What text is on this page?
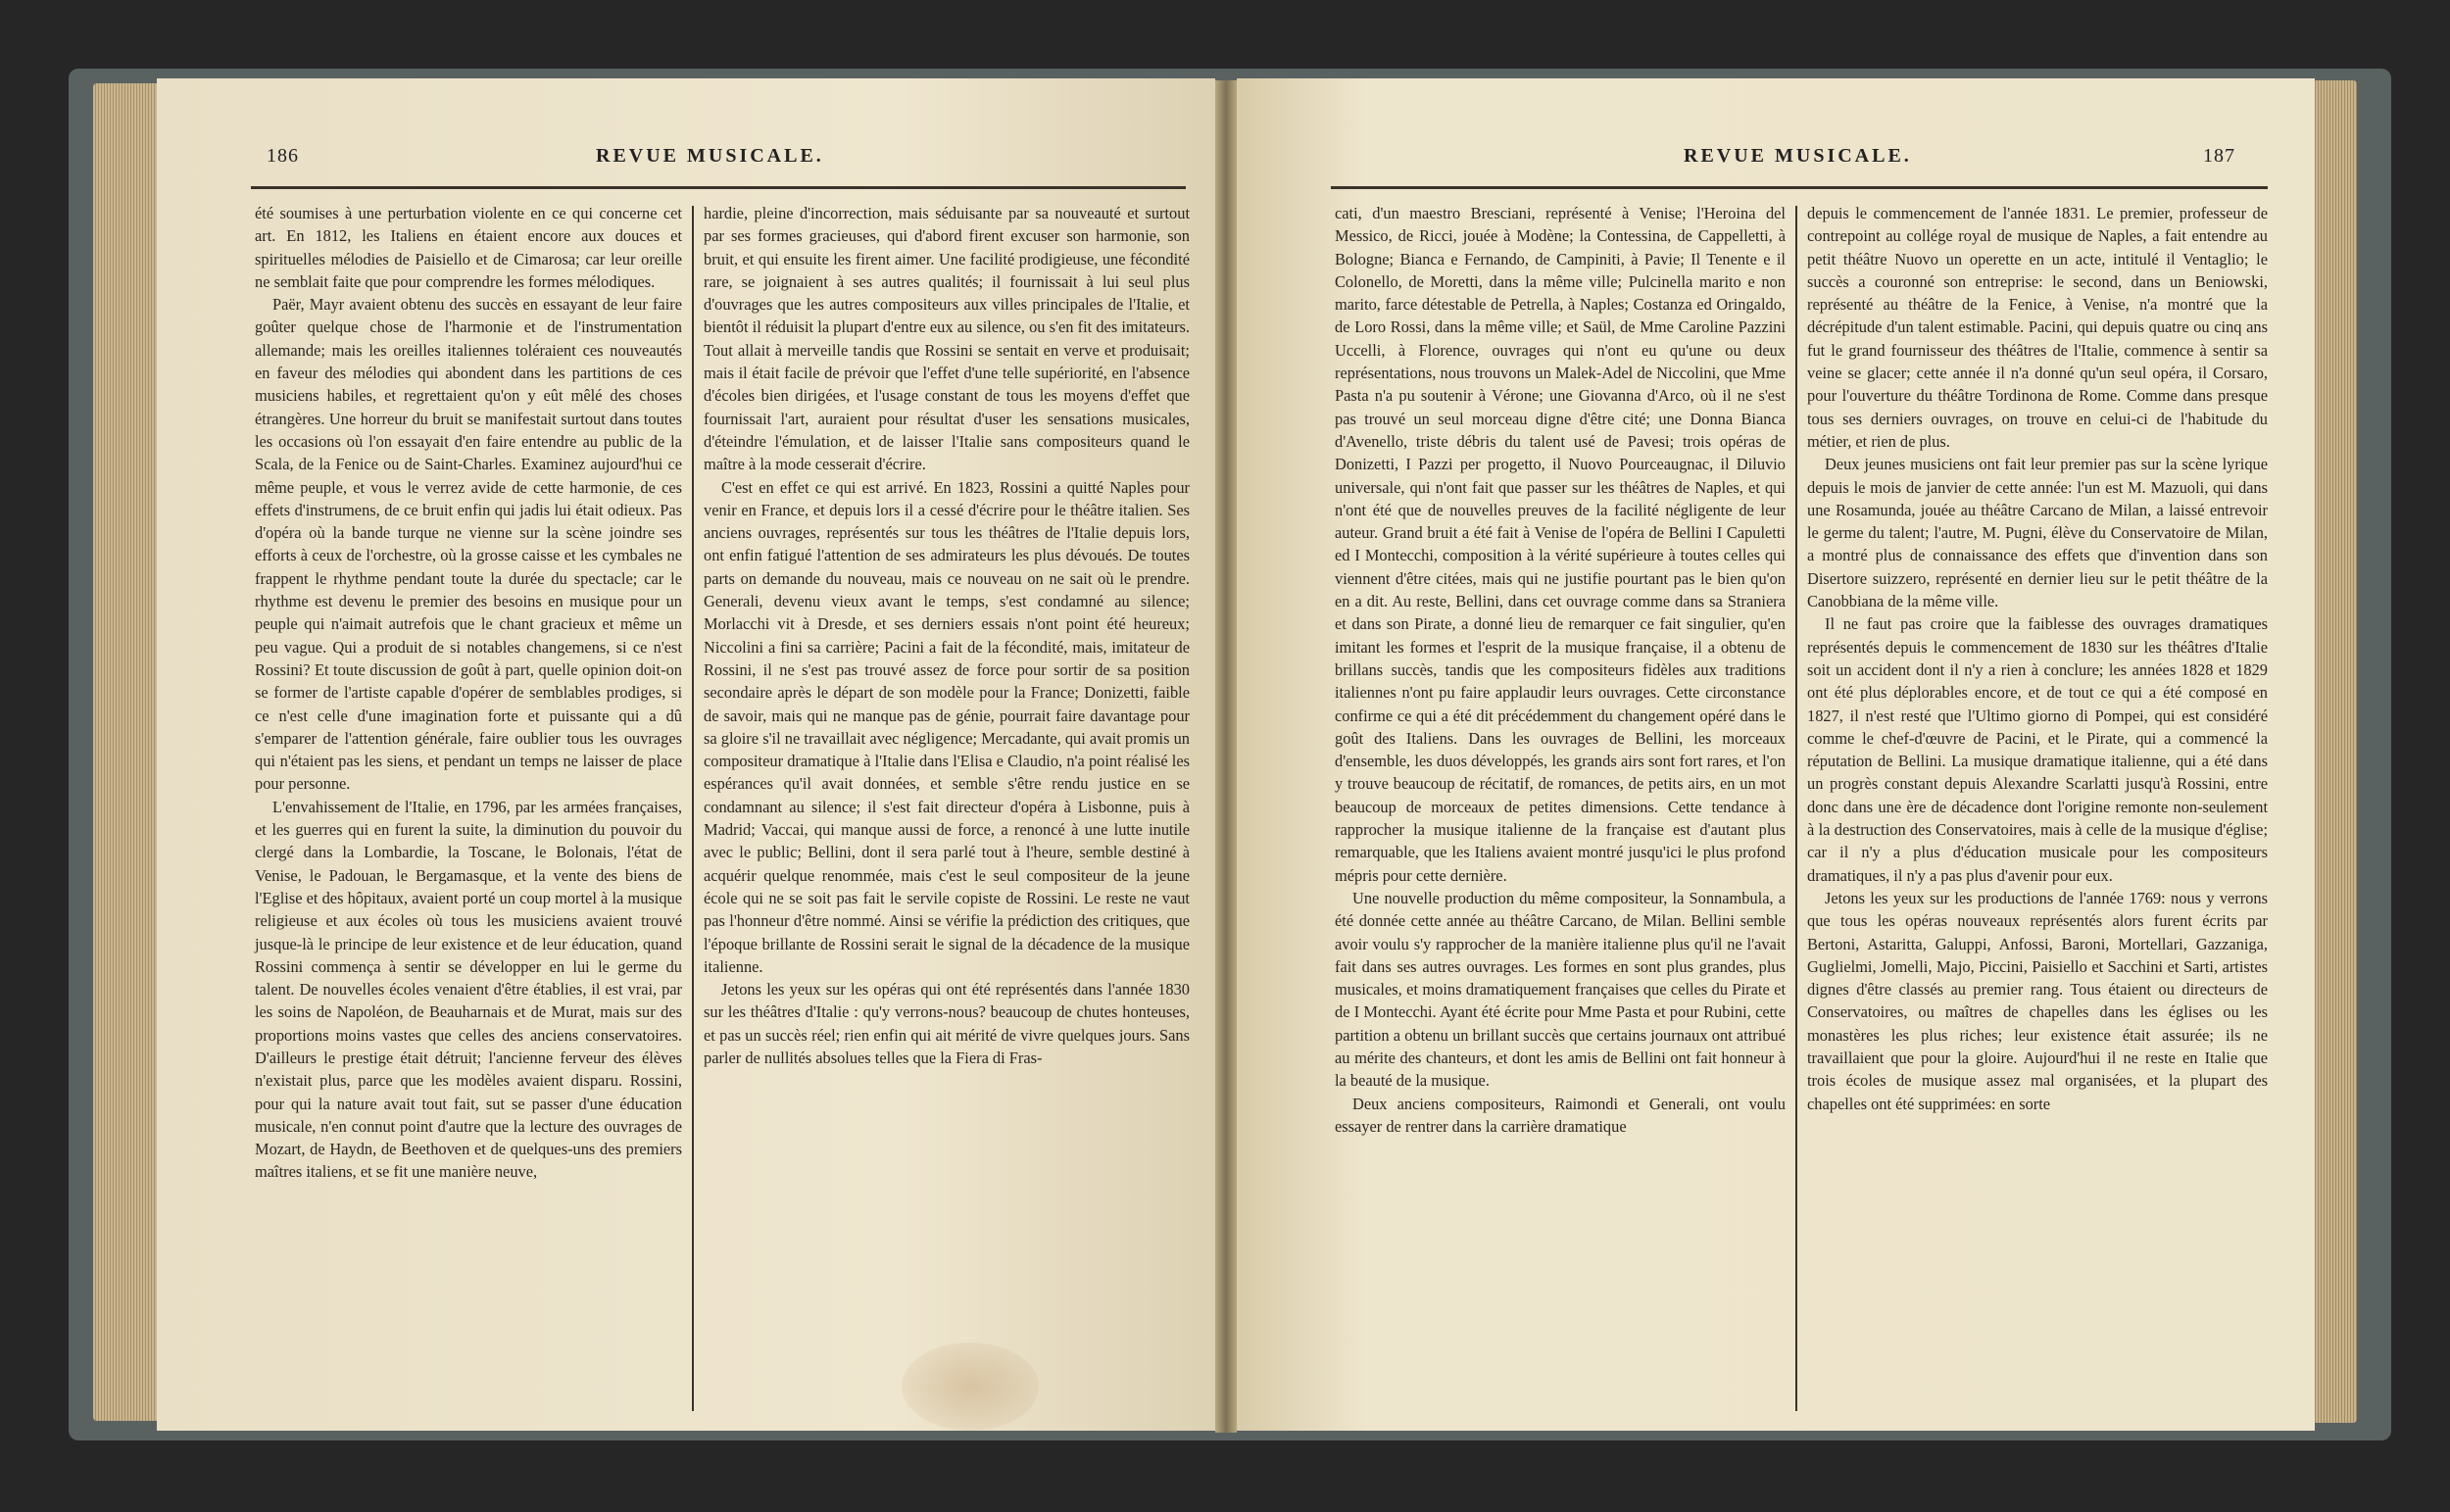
186	REVUE MUSICALE.

été soumises à une perturbation violente en ce qui concerne cet art. En 1812, les Italiens en étaient encore aux douces et spirituelles mélodies de Paisiello et de Cimarosa; car leur oreille ne semblait faite que pour comprendre les formes mélodiques.

Paër, Mayr avaient obtenu des succès en essayant de leur faire goûter quelque chose de l'harmonie et de l'instrumentation allemande; mais les oreilles italiennes toléraient ces nouveautés en faveur des mélodies qui abondent dans les partitions de ces musiciens habiles, et regrettaient qu'on y eût mêlé des choses étrangères. Une horreur du bruit se manifestait surtout dans toutes les occasions où l'on essayait d'en faire entendre au public de la Scala, de la Fenice ou de Saint-Charles. Examinez aujourd'hui ce même peuple, et vous le verrez avide de cette harmonie, de ces effets d'instrumens, de ce bruit enfin qui jadis lui était odieux. Pas d'opéra où la bande turque ne vienne sur la scène joindre ses efforts à ceux de l'orchestre, où la grosse caisse et les cymbales ne frappent le rhythme pendant toute la durée du spectacle; car le rhythme est devenu le premier des besoins en musique pour un peuple qui n'aimait autrefois que le chant gracieux et même un peu vague. Qui a produit de si notables changemens, si ce n'est Rossini? Et toute discussion de goût à part, quelle opinion doit-on se former de l'artiste capable d'opérer de semblables prodiges, si ce n'est celle d'une imagination forte et puissante qui a dû s'emparer de l'attention générale, faire oublier tous les ouvrages qui n'étaient pas les siens, et pendant un temps ne laisser de place pour personne.

L'envahissement de l'Italie, en 1796, par les armées françaises, et les guerres qui en furent la suite, la diminution du pouvoir du clergé dans la Lombardie, la Toscane, le Bolonais, l'état de Venise, le Padouan, le Bergamasque, et la vente des biens de l'Eglise et des hôpitaux, avaient porté un coup mortel à la musique religieuse et aux écoles où tous les musiciens avaient trouvé jusque-là le principe de leur existence et de leur éducation, quand Rossini commença à sentir se développer en lui le germe du talent. De nouvelles écoles venaient d'être établies, il est vrai, par les soins de Napoléon, de Beauharnais et de Murat, mais sur des proportions moins vastes que celles des anciens conservatoires. D'ailleurs le prestige était détruit; l'ancienne ferveur des élèves n'existait plus, parce que les modèles avaient disparu. Rossini, pour qui la nature avait tout fait, sut se passer d'une éducation musicale, n'en connut point d'autre que la lecture des ouvrages de Mozart, de Haydn, de Beethoven et de quelques-uns des premiers maîtres italiens, et se fit une manière neuve,

hardie, pleine d'incorrection, mais séduisante par sa nouveauté et surtout par ses formes gracieuses, qui d'abord firent excuser son harmonie, son bruit, et qui ensuite les firent aimer. Une facilité prodigieuse, une fécondité rare, se joignaient à ses autres qualités; il fournissait à lui seul plus d'ouvrages que les autres compositeurs aux villes principales de l'Italie, et bientôt il réduisit la plupart d'entre eux au silence, ou s'en fit des imitateurs. Tout allait à merveille tandis que Rossini se sentait en verve et produisait; mais il était facile de prévoir que l'effet d'une telle supériorité, en l'absence d'écoles bien dirigées, et l'usage constant de tous les moyens d'effet que fournissait l'art, auraient pour résultat d'user les sensations musicales, d'éteindre l'émulation, et de laisser l'Italie sans compositeurs quand le maître à la mode cesserait d'écrire.

C'est en effet ce qui est arrivé. En 1823, Rossini a quitté Naples pour venir en France, et depuis lors il a cessé d'écrire pour le théâtre italien. Ses anciens ouvrages, représentés sur tous les théâtres de l'Italie depuis lors, ont enfin fatigué l'attention de ses admirateurs les plus dévoués. De toutes parts on demande du nouveau, mais ce nouveau on ne sait où le prendre. Generali, devenu vieux avant le temps, s'est condamné au silence; Morlacchi vit à Dresde, et ses derniers essais n'ont point été heureux; Niccolini a fini sa carrière; Pacini a fait de la fécondité, mais, imitateur de Rossini, il ne s'est pas trouvé assez de force pour sortir de sa position secondaire après le départ de son modèle pour la France; Donizetti, faible de savoir, mais qui ne manque pas de génie, pourrait faire davantage pour sa gloire s'il ne travaillait avec négligence; Mercadante, qui avait promis un compositeur dramatique à l'Italie dans l'Elisa e Claudio, n'a point réalisé les espérances qu'il avait données, et semble s'être rendu justice en se condamnant au silence; il s'est fait directeur d'opéra à Lisbonne, puis à Madrid; Vaccai, qui manque aussi de force, a renoncé à une lutte inutile avec le public; Bellini, dont il sera parlé tout à l'heure, semble destiné à acquérir quelque renommée, mais c'est le seul compositeur de la jeune école qui ne se soit pas fait le servile copiste de Rossini. Le reste ne vaut pas l'honneur d'être nommé. Ainsi se vérifie la prédiction des critiques, que l'époque brillante de Rossini serait le signal de la décadence de la musique italienne.

Jetons les yeux sur les opéras qui ont été représentés dans l'année 1830 sur les théâtres d'Italie : qu'y verrons-nous? beaucoup de chutes honteuses, et pas un succès réel; rien enfin qui ait mérité de vivre quelques jours. Sans parler de nullités absolues telles que la Fiera di Fras-

REVUE MUSICALE.	187

cati, d'un maestro Bresciani, représenté à Venise; l'Heroina del Messico, de Ricci, jouée à Modène; la Contessina, de Cappelletti, à Bologne; Bianca e Fernando, de Campiniti, à Pavie; Il Tenente e il Colonello, de Moretti, dans la même ville; Pulcinella marito e non marito, farce détestable de Petrella, à Naples; Costanza ed Oringaldo, de Loro Rossi, dans la même ville; et Saül, de Mme Caroline Pazzini Uccelli, à Florence, ouvrages qui n'ont eu qu'une ou deux représentations, nous trouvons un Malek-Adel de Niccolini, que Mme Pasta n'a pu soutenir à Vérone; une Giovanna d'Arco, où il ne s'est pas trouvé un seul morceau digne d'être cité; une Donna Bianca d'Avenello, triste débris du talent usé de Pavesi; trois opéras de Donizetti, I Pazzi per progetto, il Nuovo Pourceaugnac, il Diluvio universale, qui n'ont fait que passer sur les théâtres de Naples, et qui n'ont été que de nouvelles preuves de la facilité négligente de leur auteur. Grand bruit a été fait à Venise de l'opéra de Bellini I Capuletti ed I Montecchi, composition à la vérité supérieure à toutes celles qui viennent d'être citées, mais qui ne justifie pourtant pas le bien qu'on en a dit. Au reste, Bellini, dans cet ouvrage comme dans sa Straniera et dans son Pirate, a donné lieu de remarquer ce fait singulier, qu'en imitant les formes et l'esprit de la musique française, il a obtenu de brillans succès, tandis que les compositeurs fidèles aux traditions italiennes n'ont pu faire applaudir leurs ouvrages. Cette circonstance confirme ce qui a été dit précédemment du changement opéré dans le goût des Italiens. Dans les ouvrages de Bellini, les morceaux d'ensemble, les duos développés, les grands airs sont fort rares, et l'on y trouve beaucoup de récitatif, de romances, de petits airs, en un mot beaucoup de morceaux de petites dimensions. Cette tendance à rapprocher la musique italienne de la française est d'autant plus remarquable, que les Italiens avaient montré jusqu'ici le plus profond mépris pour cette dernière.

Une nouvelle production du même compositeur, la Sonnambula, a été donnée cette année au théâtre Carcano, de Milan. Bellini semble avoir voulu s'y rapprocher de la manière italienne plus qu'il ne l'avait fait dans ses autres ouvrages. Les formes en sont plus grandes, plus musicales, et moins dramatiquement françaises que celles du Pirate et de I Montecchi. Ayant été écrite pour Mme Pasta et pour Rubini, cette partition a obtenu un brillant succès que certains journaux ont attribué au mérite des chanteurs, et dont les amis de Bellini ont fait honneur à la beauté de la musique.

Deux anciens compositeurs, Raimondi et Generali, ont voulu essayer de rentrer dans la carrière dramatique

depuis le commencement de l'année 1831. Le premier, professeur de contrepoint au collége royal de musique de Naples, a fait entendre au petit théâtre Nuovo un operette en un acte, intitulé il Ventaglio; le succès a couronné son entreprise: le second, dans un Beniowski, représenté au théâtre de la Fenice, à Venise, n'a montré que la décrépitude d'un talent estimable. Pacini, qui depuis quatre ou cinq ans fut le grand fournisseur des théâtres de l'Italie, commence à sentir sa veine se glacer; cette année il n'a donné qu'un seul opéra, il Corsaro, pour l'ouverture du théâtre Tordinona de Rome. Comme dans presque tous ses derniers ouvrages, on trouve en celui-ci de l'habitude du métier, et rien de plus.

Deux jeunes musiciens ont fait leur premier pas sur la scène lyrique depuis le mois de janvier de cette année: l'un est M. Mazuoli, qui dans une Rosamunda, jouée au théâtre Carcano de Milan, a laissé entrevoir le germe du talent; l'autre, M. Pugni, élève du Conservatoire de Milan, a montré plus de connaissance des effets que d'invention dans son Disertore suizzero, représenté en dernier lieu sur le petit théâtre de la Canobbiana de la même ville.

Il ne faut pas croire que la faiblesse des ouvrages dramatiques représentés depuis le commencement de 1830 sur les théâtres d'Italie soit un accident dont il n'y a rien à conclure; les années 1828 et 1829 ont été plus déplorables encore, et de tout ce qui a été composé en 1827, il n'est resté que l'Ultimo giorno di Pompei, qui est considéré comme le chef-d'œuvre de Pacini, et le Pirate, qui a commencé la réputation de Bellini. La musique dramatique italienne, qui a été dans un progrès constant depuis Alexandre Scarlatti jusqu'à Rossini, entre donc dans une ère de décadence dont l'origine remonte non-seulement à la destruction des Conservatoires, mais à celle de la musique d'église; car il n'y a plus d'éducation musicale pour les compositeurs dramatiques, il n'y a pas plus d'avenir pour eux.

Jetons les yeux sur les productions de l'année 1769: nous y verrons que tous les opéras nouveaux représentés alors furent écrits par Bertoni, Astaritta, Galuppi, Anfossi, Baroni, Mortellari, Gazzaniga, Guglielmi, Jomelli, Majo, Piccini, Paisiello et Sacchini et Sarti, artistes dignes d'être classés au premier rang. Tous étaient ou directeurs de Conservatoires, ou maîtres de chapelles dans les églises ou les monastères les plus riches; leur existence était assurée; ils ne travaillaient que pour la gloire. Aujourd'hui il ne reste en Italie que trois écoles de musique assez mal organisées, et la plupart des chapelles ont été supprimées: en sorte
